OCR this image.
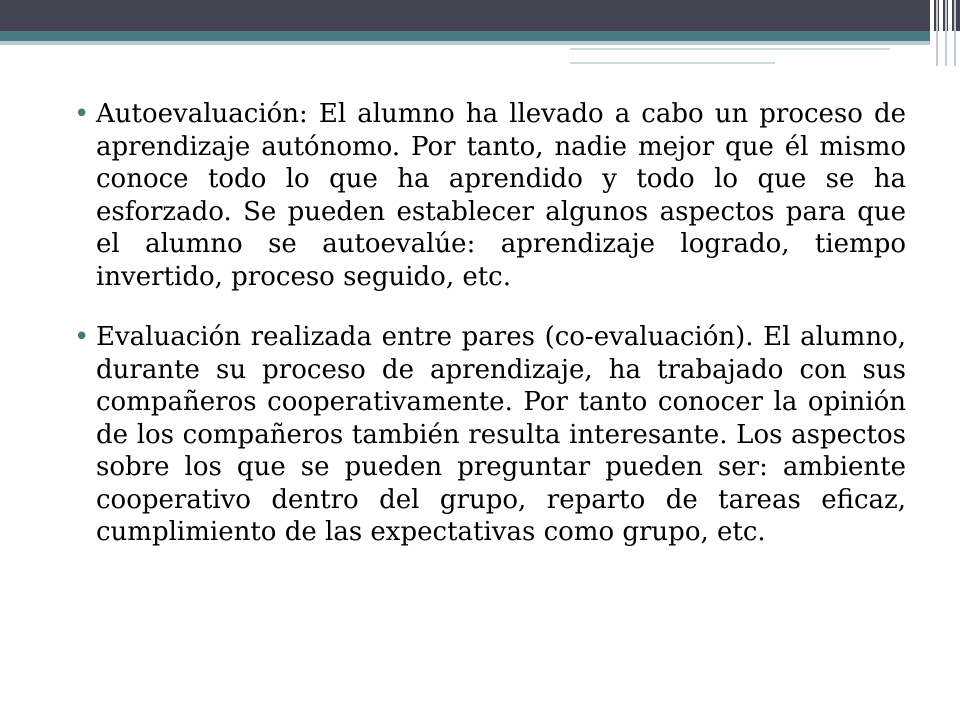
• Autoevaluación: El alumno ha llevado a cabo un proceso de aprendizaje autónomo. Por tanto, nadie mejor que él mismo conoce todo lo que ha aprendido y todo lo que se ha esforzado. Se pueden establecer algunos aspectos para que el alumno se autoevalúe: aprendizaje logrado, tiempo invertido, proceso seguido, etc.

• Evaluación realizada entre pares (co-evaluación). El alumno, durante su proceso de aprendizaje, ha trabajado con sus compañeros cooperativamente. Por tanto conocer la opinión de los compañeros también resulta interesante. Los aspectos sobre los que se pueden preguntar pueden ser: ambiente cooperativo dentro del grupo, reparto de tareas eficaz, cumplimiento de las expectativas como grupo, etc.
